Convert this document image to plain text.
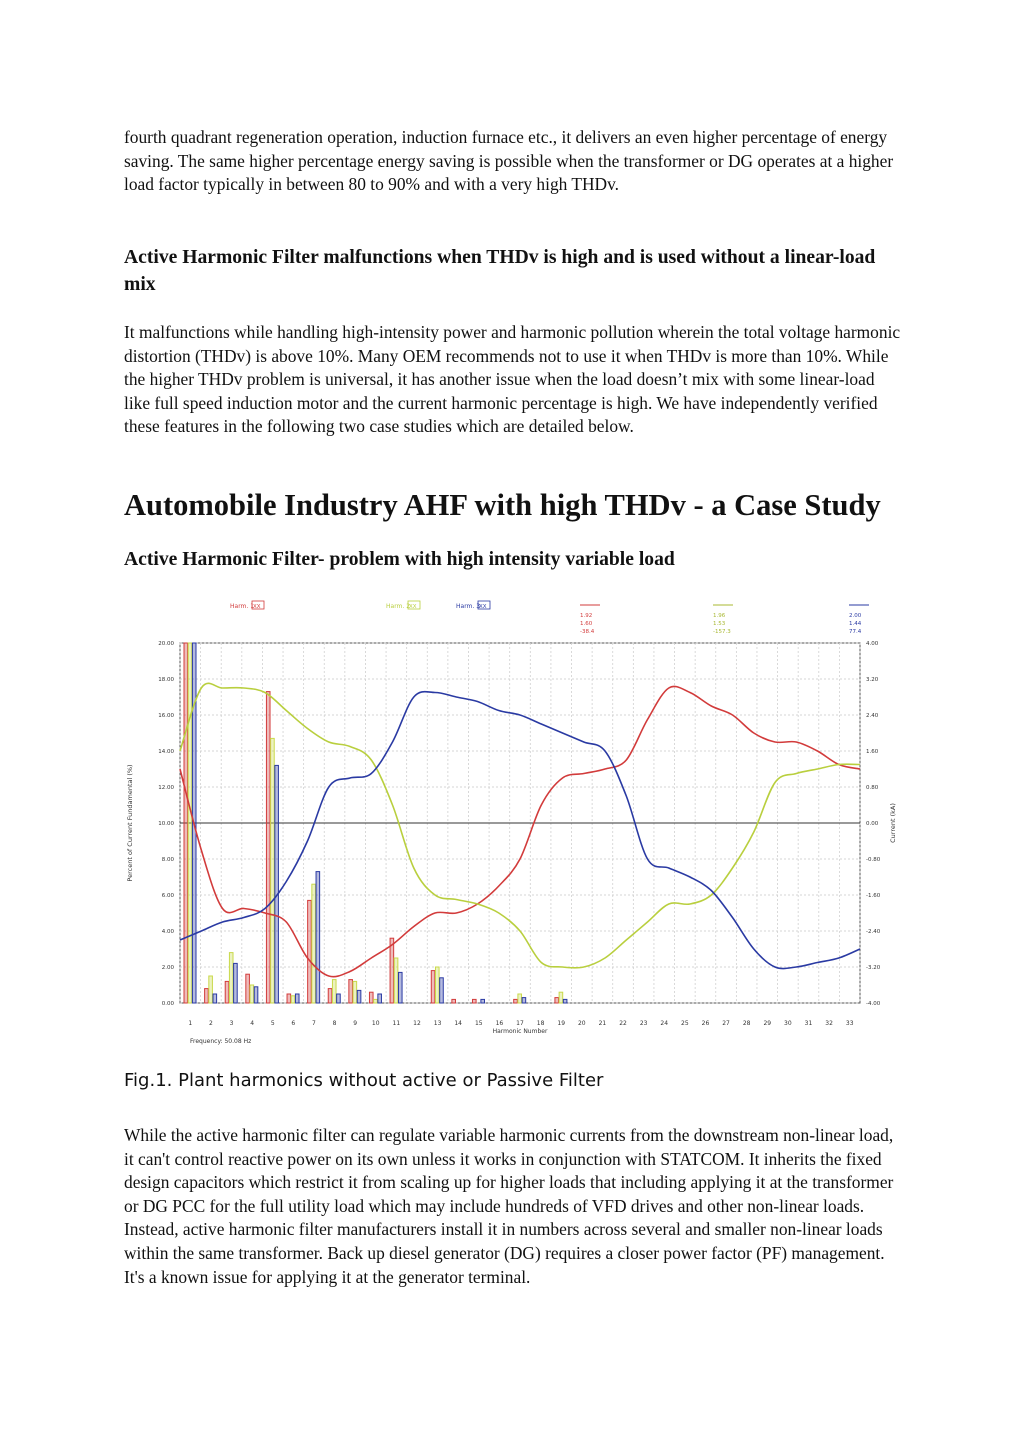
fourth quadrant regeneration operation, induction furnace etc., it delivers an even higher percentage of energy saving. The same higher percentage energy saving is possible when the transformer or DG operates at a higher load factor typically in between 80 to 90% and with a very high THDv.

Active Harmonic Filter malfunctions when THDv is high and is used without a linear-load mix

It malfunctions while handling high-intensity power and harmonic pollution wherein the total voltage harmonic distortion (THDv) is above 10%. Many OEM recommends not to use it when THDv is more than 10%. While the higher THDv problem is universal, it has another issue when the load doesn’t mix with some linear-load like full speed induction motor and the current harmonic percentage is high. We have independently verified these features in the following two case studies which are detailed below.

Automobile Industry AHF with high THDv - a Case Study
Active Harmonic Filter- problem with high intensity variable load
Harm. 1
XX	Harm. 2
XX	Harm. 3
XX
1.92
1.60
-38.4
1.96
1.53
-157.3
2.00
1.44
77.4
0.00
2.00
4.00
6.00
8.00
10.00
12.00
14.00
16.00
18.00
20.00
-4.00
-3.20
-2.40
-1.60
-0.80
0.00
0.80
1.60
2.40
3.20
4.00
1	2	3	4	5	6	7	8	9 10 11 12 13 14 15 16 17 18 19 20 21 22 23 24 25 26 27 28 29 30 31 32 33
Percent of Current Fundamental (%)	Current (kA)
Harmonic Number
Frequency: 50.08 Hz

Fig.1. Plant harmonics without active or Passive Filter

While the active harmonic filter can regulate variable harmonic currents from the downstream non-linear load, it can't control reactive power on its own unless it works in conjunction with STATCOM. It inherits the fixed design capacitors which restrict it from scaling up for higher loads that including applying it at the transformer or DG PCC for the full utility load which may include hundreds of VFD drives and other non-linear loads. Instead, active harmonic filter manufacturers install it in numbers across several and smaller non-linear loads within the same transformer. Back up diesel generator (DG) requires a closer power factor (PF) management. It's a known issue for applying it at the generator terminal.
